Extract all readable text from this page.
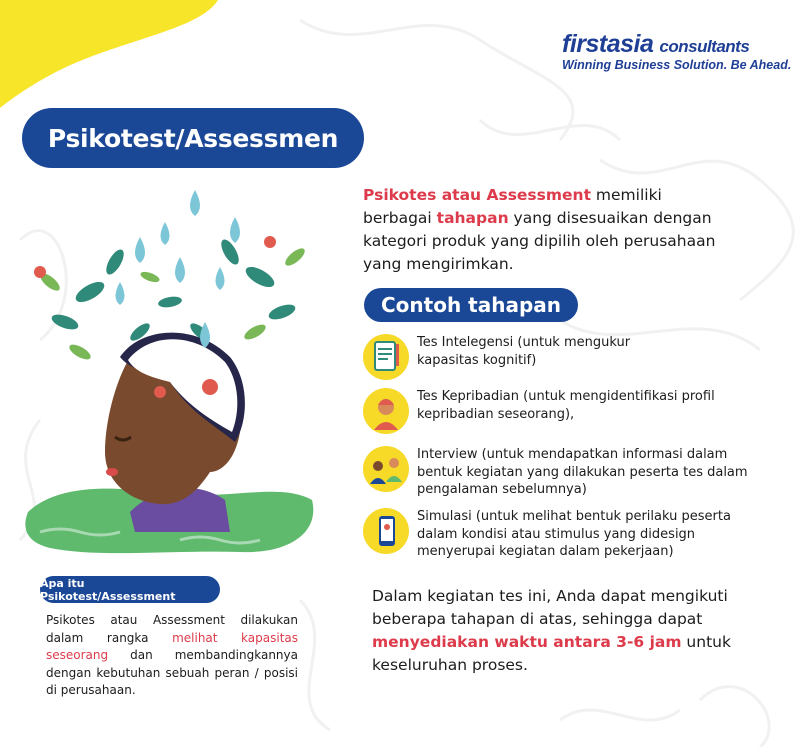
firstasia consultants
Winning Business Solution. Be Ahead.
Psikotest/Assessmen
Psikotes atau Assessment memiliki berbagai tahapan yang disesuaikan dengan kategori produk yang dipilih oleh perusahaan yang mengirimkan.
Contoh tahapan
Tes Intelegensi (untuk mengukur kapasitas kognitif)
Tes Kepribadian (untuk mengidentifikasi profil kepribadian seseorang),
Interview (untuk mendapatkan informasi dalam bentuk kegiatan yang dilakukan peserta tes dalam pengalaman sebelumnya)
Simulasi (untuk melihat bentuk perilaku peserta dalam kondisi atau stimulus yang didesign menyerupai kegiatan dalam pekerjaan)
Dalam kegiatan tes ini, Anda dapat mengikuti beberapa tahapan di atas, sehingga dapat menyediakan waktu antara 3-6 jam untuk keseluruhan proses.
Apa itu Psikotest/Assessment
Psikotes atau Assessment dilakukan dalam rangka melihat kapasitas seseorang dan membandingkannya dengan kebutuhan sebuah peran / posisi di perusahaan.
